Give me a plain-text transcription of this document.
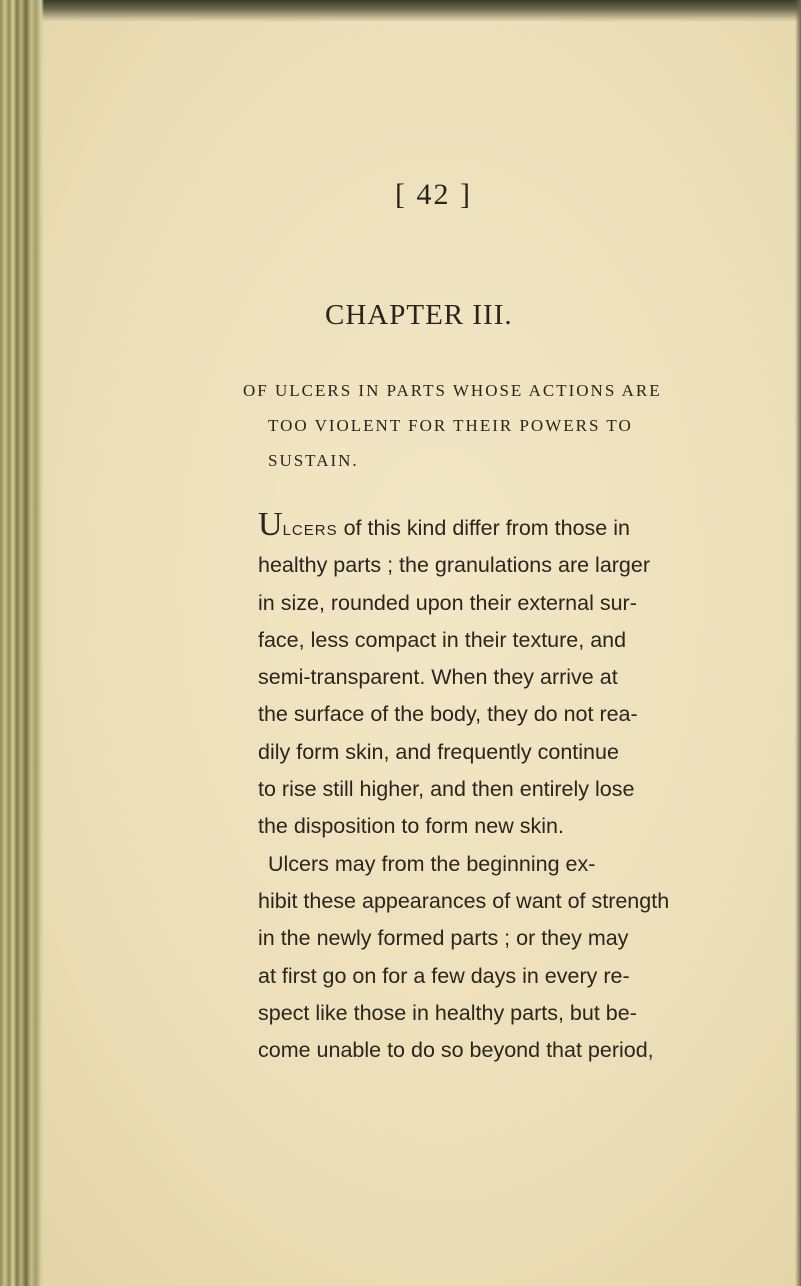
[ 42 ]
CHAPTER III.
OF ULCERS IN PARTS WHOSE ACTIONS ARE
TOO VIOLENT FOR THEIR POWERS TO
SUSTAIN.
Ulcers of this kind differ from those in
healthy parts ; the granulations are larger
in size, rounded upon their external sur-
face, less compact in their texture, and
semi-transparent. When they arrive at
the surface of the body, they do not rea-
dily form skin, and frequently continue
to rise still higher, and then entirely lose
the disposition to form new skin.
Ulcers may from the beginning ex-
hibit these appearances of want of strength
in the newly formed parts ; or they may
at first go on for a few days in every re-
spect like those in healthy parts, but be-
come unable to do so beyond that period,
